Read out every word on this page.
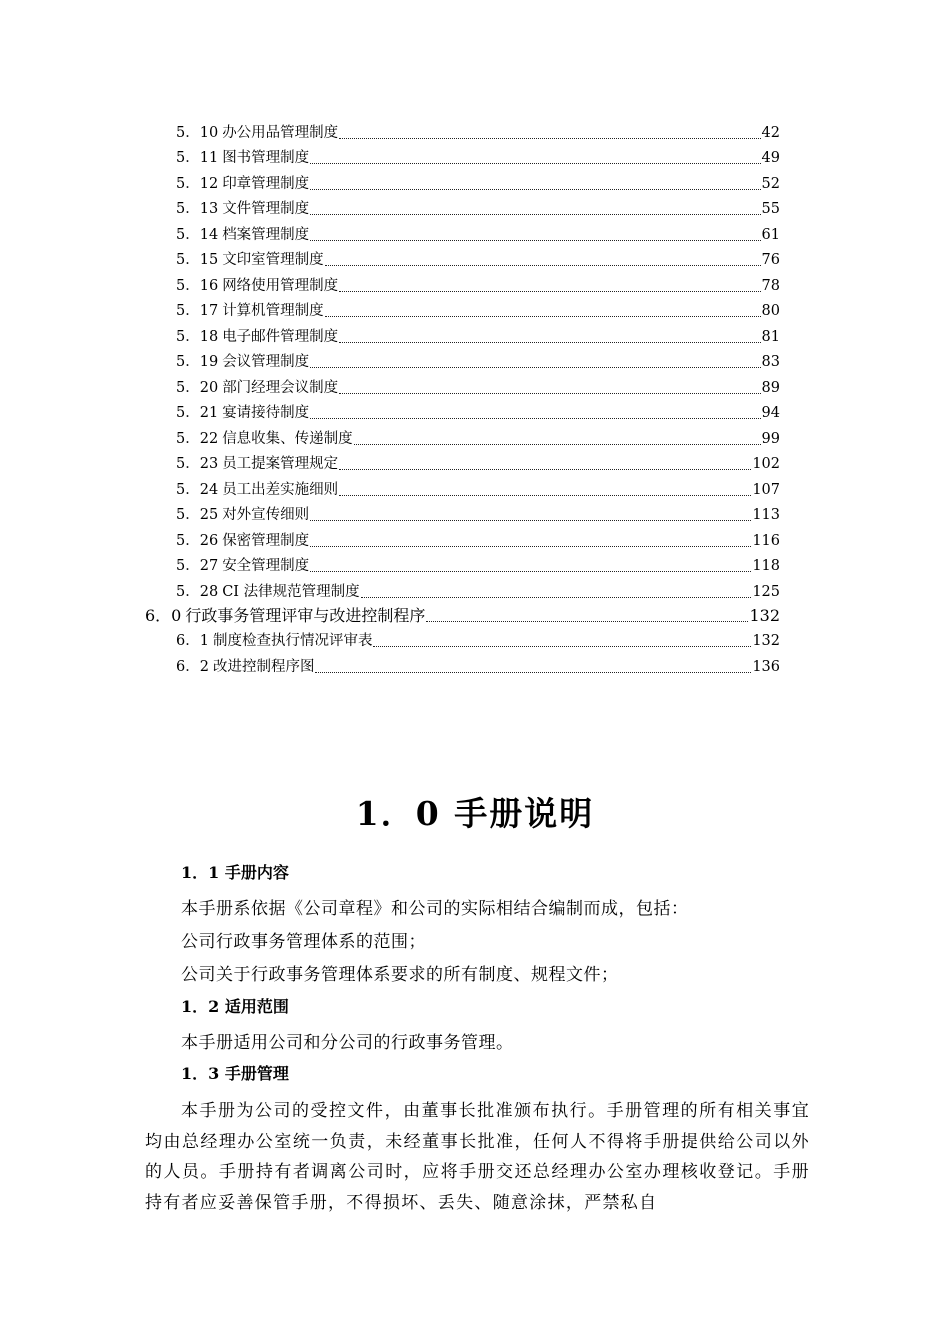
5．10 办公用品管理制度	42
5．11 图书管理制度	49
5．12 印章管理制度	52
5．13 文件管理制度	55
5．14 档案管理制度	61
5．15 文印室管理制度	76
5．16 网络使用管理制度	78
5．17 计算机管理制度	80
5．18 电子邮件管理制度	81
5．19 会议管理制度	83
5．20 部门经理会议制度	89
5．21 宴请接待制度	94
5．22 信息收集、传递制度	99
5．23 员工提案管理规定	102
5．24 员工出差实施细则	107
5．25 对外宣传细则	113
5．26 保密管理制度	116
5．27 安全管理制度	118
5．28 CI 法律规范管理制度	125
6．0 行政事务管理评审与改进控制程序	132
6．1 制度检查执行情况评审表	132
6．2 改进控制程序图	136
1．0 手册说明
1．1 手册内容
本手册系依据《公司章程》和公司的实际相结合编制而成，包括：
公司行政事务管理体系的范围；
公司关于行政事务管理体系要求的所有制度、规程文件；
1．2 适用范围
本手册适用公司和分公司的行政事务管理。
1．3 手册管理
本手册为公司的受控文件，由董事长批准颁布执行。手册管理的所有相关事宜均由总经理办公室统一负责，未经董事长批准，任何人不得将手册提供给公司以外的人员。手册持有者调离公司时，应将手册交还总经理办公室办理核收登记。手册持有者应妥善保管手册，不得损坏、丢失、随意涂抹，严禁私自
